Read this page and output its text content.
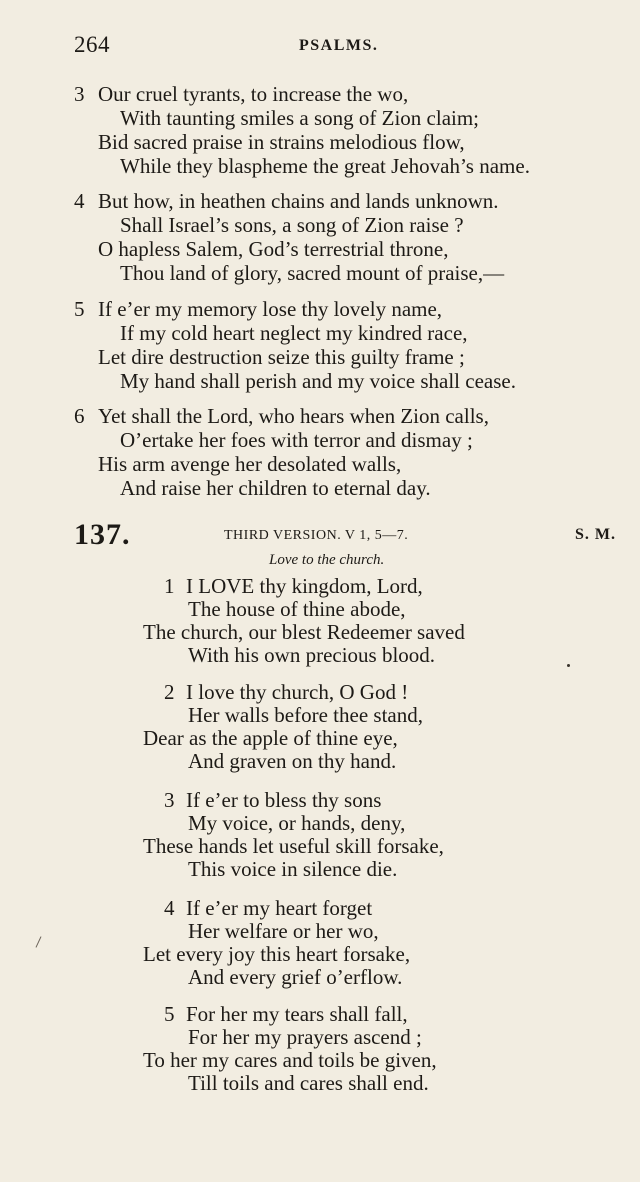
264	PSALMS.
3 Our cruel tyrants, to increase the wo,
With taunting smiles a song of Zion claim;
Bid sacred praise in strains melodious flow,
While they blaspheme the great Jehovah’s name.
4 But how, in heathen chains and lands unknown.
Shall Israel’s sons, a song of Zion raise ?
O hapless Salem, God’s terrestrial throne,
Thou land of glory, sacred mount of praise,—
5 If e’er my memory lose thy lovely name,
If my cold heart neglect my kindred race,
Let dire destruction seize this guilty frame ;
My hand shall perish and my voice shall cease.
6 Yet shall the Lord, who hears when Zion calls,
O’ertake her foes with terror and dismay ;
His arm avenge her desolated walls,
And raise her children to eternal day.
137.	THIRD VERSION. V 1, 5—7.	S. M.
Love to the church.
1 I LOVE thy kingdom, Lord,
The house of thine abode,
The church, our blest Redeemer saved
With his own precious blood.
2 I love thy church, O God !
Her walls before thee stand,
Dear as the apple of thine eye,
And graven on thy hand.
3 If e’er to bless thy sons
My voice, or hands, deny,
These hands let useful skill forsake,
This voice in silence die.
4 If e’er my heart forget
Her welfare or her wo,
Let every joy this heart forsake,
And every grief o’erflow.
5 For her my tears shall fall,
For her my prayers ascend ;
To her my cares and toils be given,
Till toils and cares shall end.
